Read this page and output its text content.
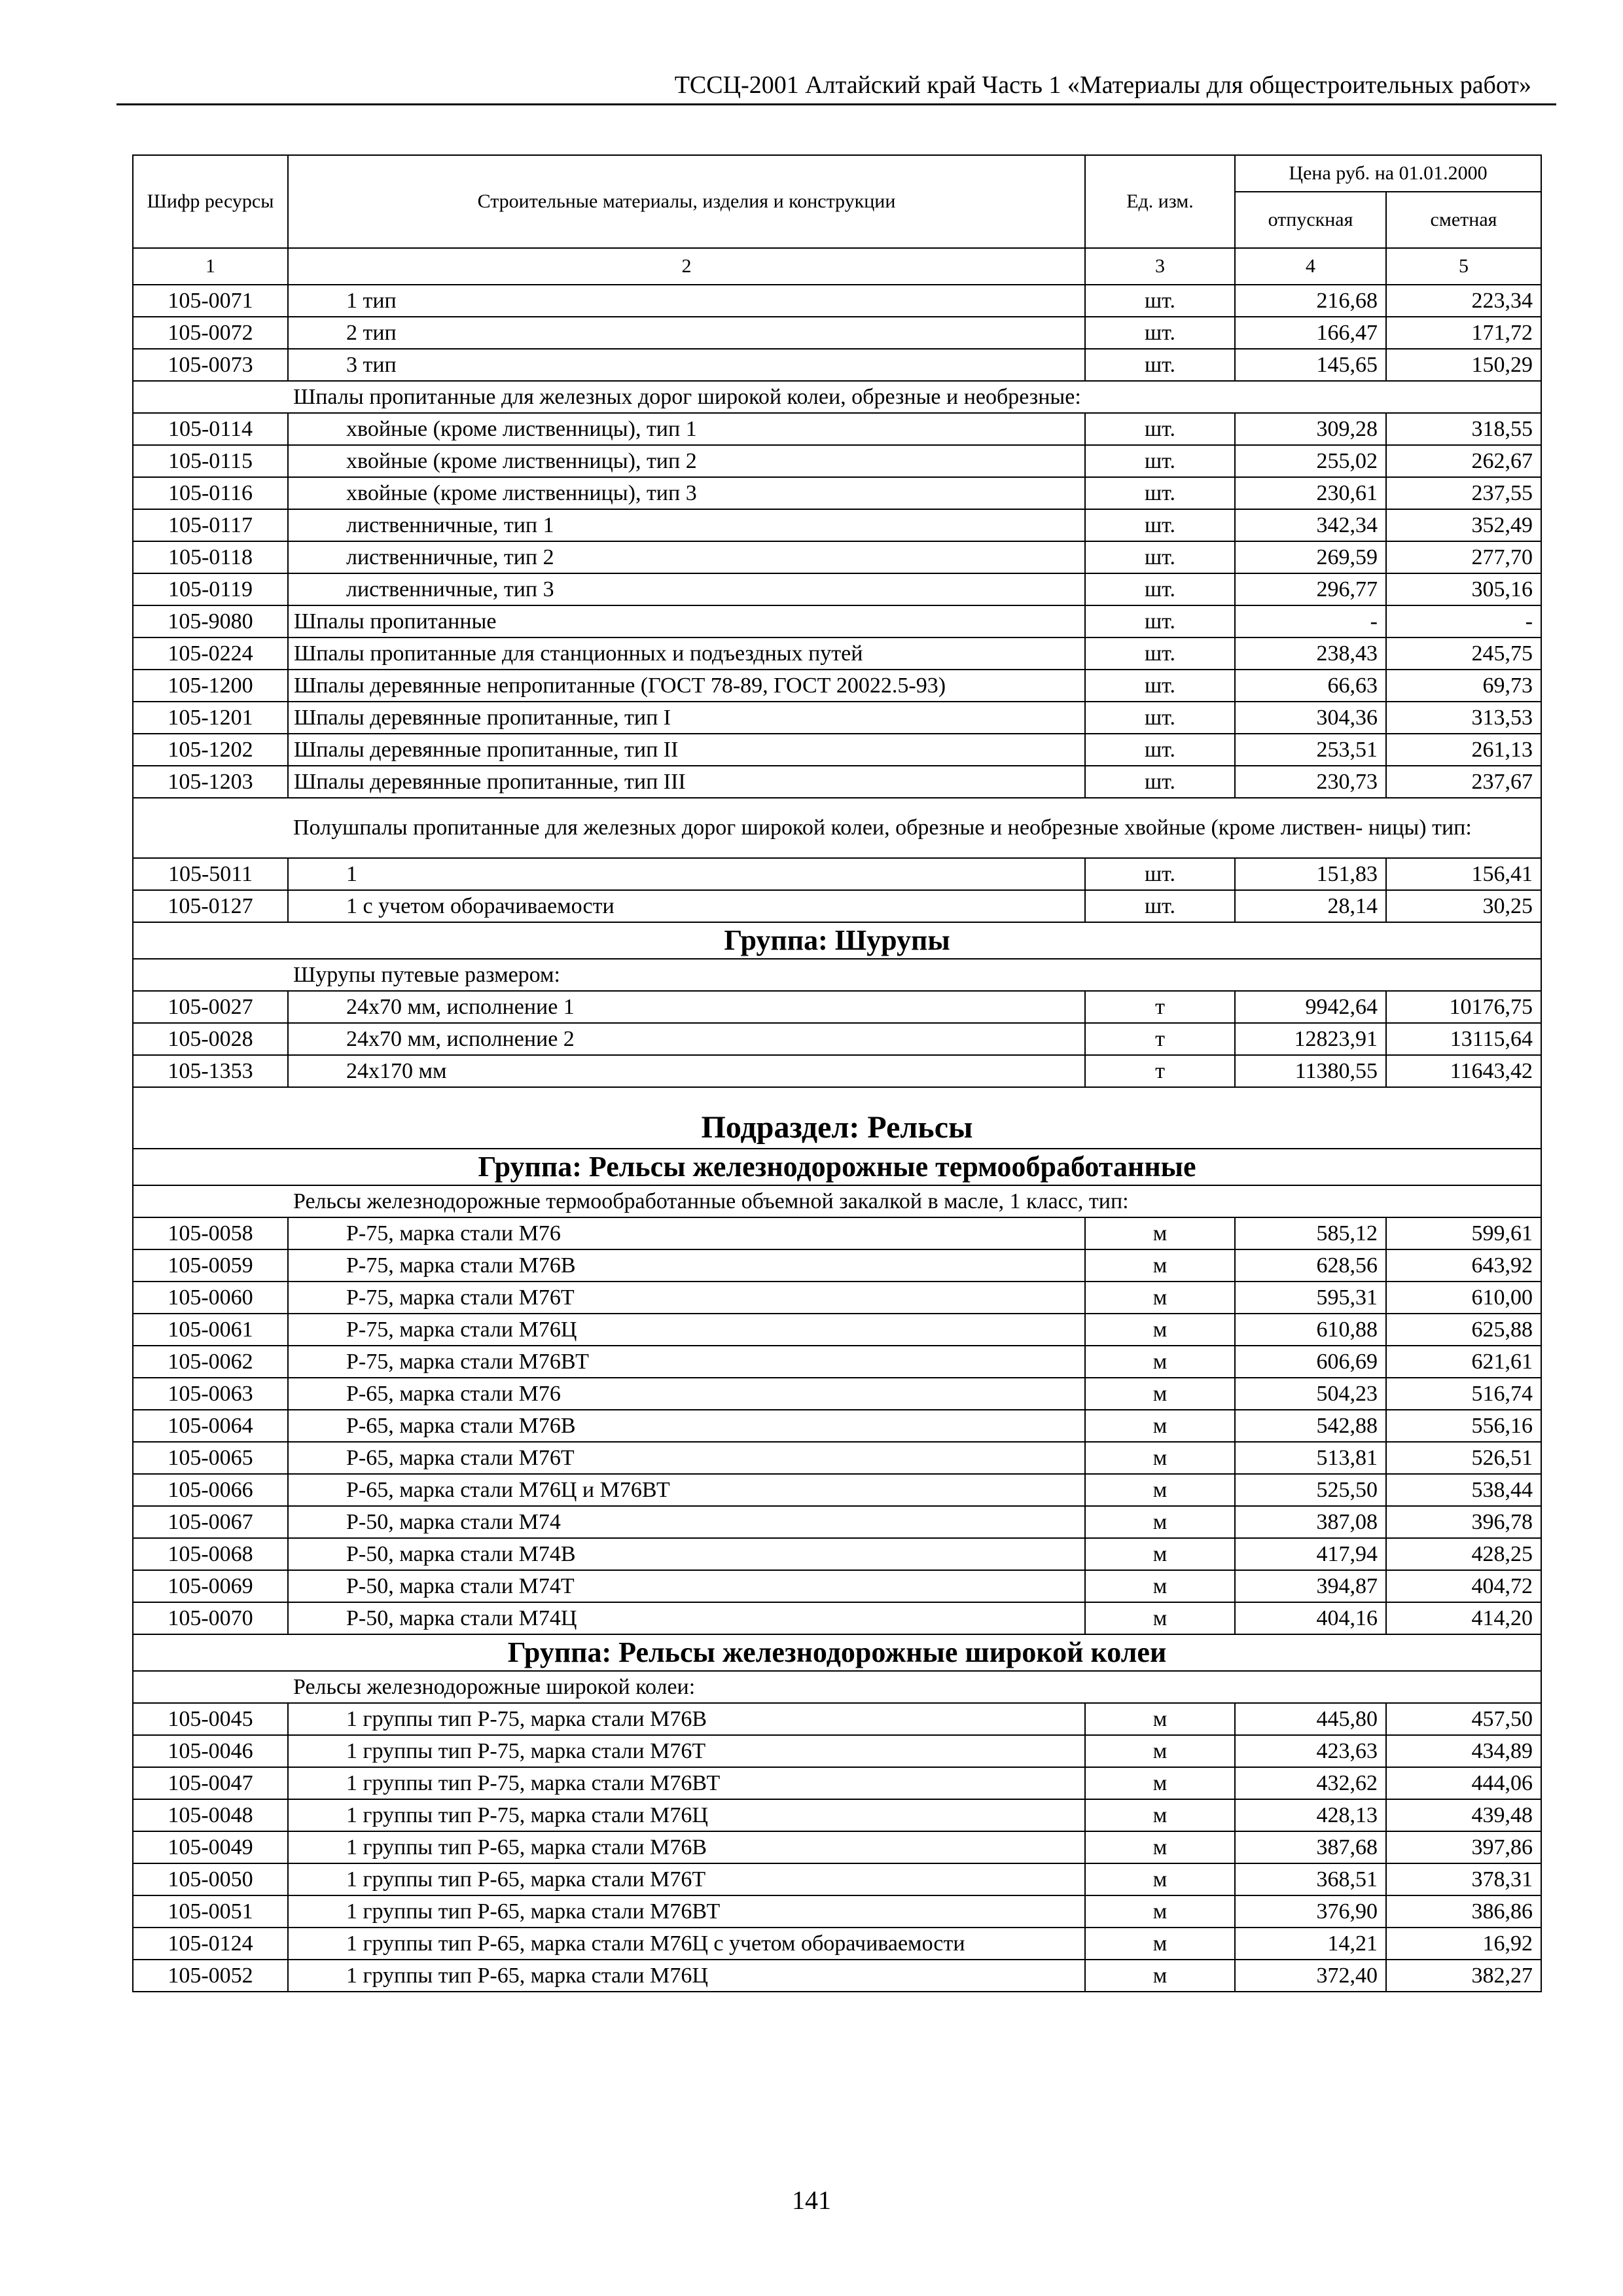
ТССЦ-2001 Алтайский край Часть 1 «Материалы для общестроительных работ»
Шифр ресурсы	Строительные материалы, изделия и конструкции	Ед. изм.	Цена руб. на 01.01.2000	
			отпускная	сметная
1	2	3	4	5
105-0071	1 тип	шт.	216,68	223,34
105-0072	2 тип	шт.	166,47	171,72
105-0073	3 тип	шт.	145,65	150,29
	Шпалы пропитанные для железных дорог широкой колеи, обрезные и необрезные:			
105-0114	хвойные (кроме лиственницы), тип 1	шт.	309,28	318,55
105-0115	хвойные (кроме лиственницы), тип 2	шт.	255,02	262,67
105-0116	хвойные (кроме лиственницы), тип 3	шт.	230,61	237,55
105-0117	лиственничные, тип 1	шт.	342,34	352,49
105-0118	лиственничные, тип 2	шт.	269,59	277,70
105-0119	лиственничные, тип 3	шт.	296,77	305,16
105-9080	Шпалы пропитанные	шт.	-	-
105-0224	Шпалы пропитанные для станционных и подъездных путей	шт.	238,43	245,75
105-1200	Шпалы деревянные непропитанные (ГОСТ 78-89, ГОСТ 20022.5-93)	шт.	66,63	69,73
105-1201	Шпалы деревянные пропитанные, тип I	шт.	304,36	313,53
105-1202	Шпалы деревянные пропитанные, тип II	шт.	253,51	261,13
105-1203	Шпалы деревянные пропитанные, тип III	шт.	230,73	237,67
	Полушпалы пропитанные для железных дорог широкой колеи, обрезные и необрезные хвойные (кроме листвен- ницы) тип:			
105-5011	1	шт.	151,83	156,41
105-0127	1 с учетом оборачиваемости	шт.	28,14	30,25
Группа: Шурупы				
	Шурупы путевые размером:			
105-0027	24х70 мм, исполнение 1	т	9942,64	10176,75
105-0028	24х70 мм, исполнение 2	т	12823,91	13115,64
105-1353	24х170 мм	т	11380,55	11643,42
Подраздел: Рельсы				
Группа: Рельсы железнодорожные термообработанные				
	Рельсы железнодорожные термообработанные объемной закалкой в масле, 1 класс, тип:			
105-0058	Р-75, марка стали М76	м	585,12	599,61
105-0059	Р-75, марка стали М76В	м	628,56	643,92
105-0060	Р-75, марка стали М76Т	м	595,31	610,00
105-0061	Р-75, марка стали М76Ц	м	610,88	625,88
105-0062	Р-75, марка стали М76ВТ	м	606,69	621,61
105-0063	Р-65, марка стали М76	м	504,23	516,74
105-0064	Р-65, марка стали М76В	м	542,88	556,16
105-0065	Р-65, марка стали М76Т	м	513,81	526,51
105-0066	Р-65, марка стали М76Ц и М76ВТ	м	525,50	538,44
105-0067	Р-50, марка стали М74	м	387,08	396,78
105-0068	Р-50, марка стали М74В	м	417,94	428,25
105-0069	Р-50, марка стали М74Т	м	394,87	404,72
105-0070	Р-50, марка стали М74Ц	м	404,16	414,20
Группа: Рельсы железнодорожные широкой колеи				
	Рельсы железнодорожные широкой колеи:			
105-0045	1 группы тип Р-75, марка стали М76В	м	445,80	457,50
105-0046	1 группы тип Р-75, марка стали М76Т	м	423,63	434,89
105-0047	1 группы тип Р-75, марка стали М76ВТ	м	432,62	444,06
105-0048	1 группы тип Р-75, марка стали М76Ц	м	428,13	439,48
105-0049	1 группы тип Р-65, марка стали М76В	м	387,68	397,86
105-0050	1 группы тип Р-65, марка стали М76Т	м	368,51	378,31
105-0051	1 группы тип Р-65, марка стали М76ВТ	м	376,90	386,86
105-0124	1 группы тип Р-65, марка стали М76Ц с учетом оборачиваемости	м	14,21	16,92
105-0052	1 группы тип Р-65, марка стали М76Ц	м	372,40	382,27
141
